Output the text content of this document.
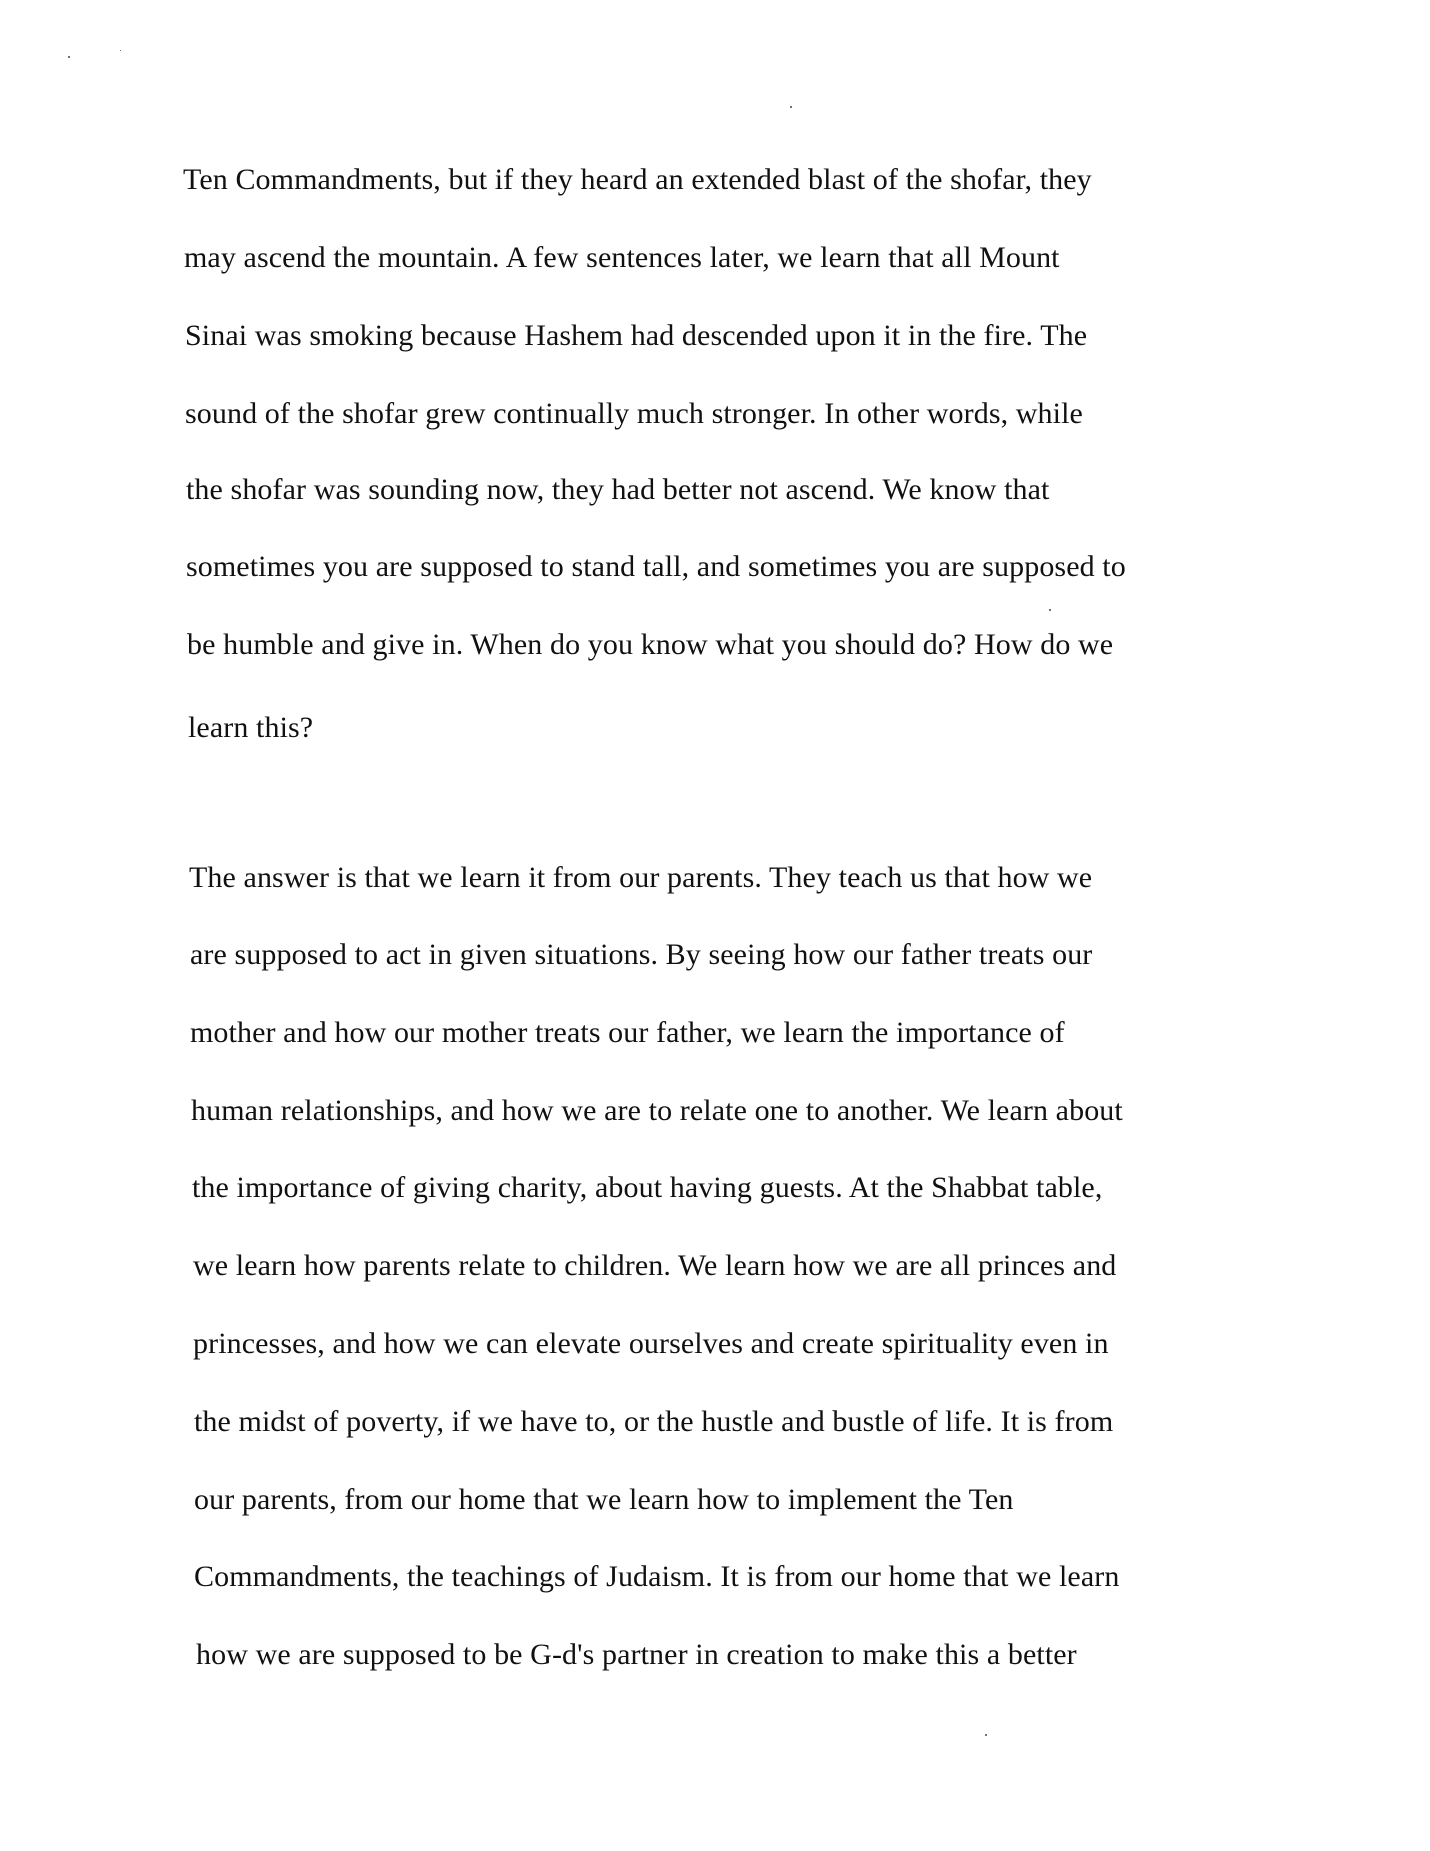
Ten Commandments, but if they heard an extended blast of the shofar, they
may ascend the mountain. A few sentences later, we learn that all Mount
Sinai was smoking because Hashem had descended upon it in the fire. The
sound of the shofar grew continually much stronger. In other words, while
the shofar was sounding now, they had better not ascend. We know that
sometimes you are supposed to stand tall, and sometimes you are supposed to
be humble and give in. When do you know what you should do? How do we
learn this?
The answer is that we learn it from our parents. They teach us that how we
are supposed to act in given situations. By seeing how our father treats our
mother and how our mother treats our father, we learn the importance of
human relationships, and how we are to relate one to another. We learn about
the importance of giving charity, about having guests. At the Shabbat table,
we learn how parents relate to children. We learn how we are all princes and
princesses, and how we can elevate ourselves and create spirituality even in
the midst of poverty, if we have to, or the hustle and bustle of life. It is from
our parents, from our home that we learn how to implement the Ten
Commandments, the teachings of Judaism. It is from our home that we learn
how we are supposed to be G-d's partner in creation to make this a better
